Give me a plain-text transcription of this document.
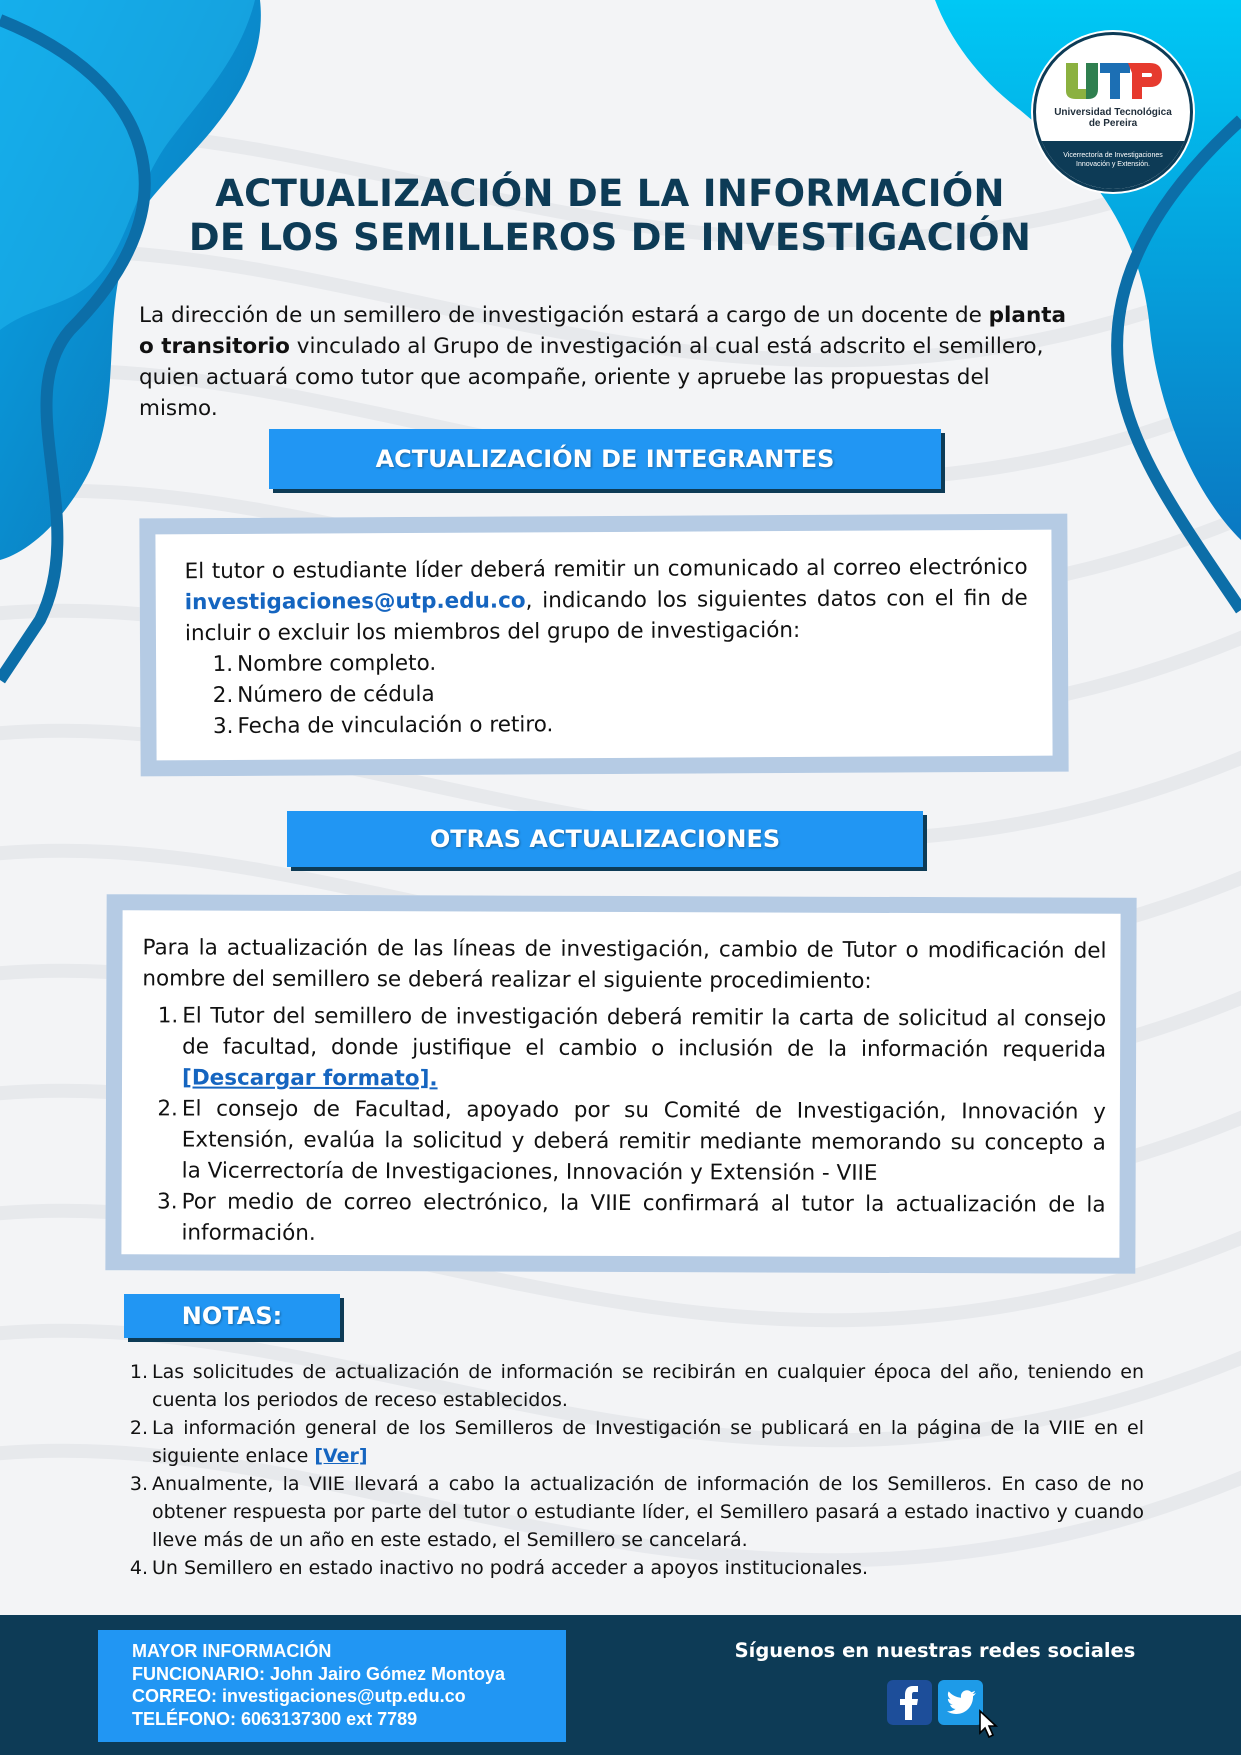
Universidad Tecnológica
de Pereira
Vicerrectoría de Investigaciones
Innovación y Extensión.
ACTUALIZACIÓN DE LA INFORMACIÓN
DE LOS SEMILLEROS DE INVESTIGACIÓN
La dirección de un semillero de investigación estará a cargo de un docente de planta o transitorio vinculado al Grupo de investigación al cual está adscrito el semillero, quien actuará como tutor que acompañe, oriente y apruebe las propuestas del mismo.
ACTUALIZACIÓN DE INTEGRANTES

El tutor o estudiante líder deberá remitir un comunicado al correo electrónico investigaciones@utp.edu.co, indicando los siguientes datos con el fin de incluir o excluir los miembros del grupo de investigación:

1. Nombre completo.
2. Número de cédula
3. Fecha de vinculación o retiro.
OTRAS ACTUALIZACIONES

Para la actualización de las líneas de investigación, cambio de Tutor o modificación del nombre del semillero se deberá realizar el siguiente procedimiento:

1. El Tutor del semillero de investigación deberá remitir la carta de solicitud al consejo de facultad, donde justifique el cambio o inclusión de la información requerida [Descargar formato].
2. El consejo de Facultad, apoyado por su Comité de Investigación, Innovación y Extensión, evalúa la solicitud y deberá remitir mediante memorando su concepto a la Vicerrectoría de Investigaciones, Innovación y Extensión - VIIE
3. Por medio de correo electrónico, la VIIE confirmará al tutor la actualización de la información.
NOTAS:
1. Las solicitudes de actualización de información se recibirán en cualquier época del año, teniendo en cuenta los periodos de receso establecidos.
2. La información general de los Semilleros de Investigación se publicará en la página de la VIIE en el siguiente enlace [Ver]
3. Anualmente, la VIIE llevará a cabo la actualización de información de los Semilleros. En caso de no obtener respuesta por parte del tutor o estudiante líder, el Semillero pasará a estado inactivo y cuando lleve más de un año en este estado, el Semillero se cancelará.
4. Un Semillero en estado inactivo no podrá acceder a apoyos institucionales.
MAYOR INFORMACIÓN
FUNCIONARIO: John Jairo Gómez Montoya
CORREO: investigaciones@utp.edu.co
TELÉFONO: 6063137300 ext 7789
Síguenos en nuestras redes sociales
